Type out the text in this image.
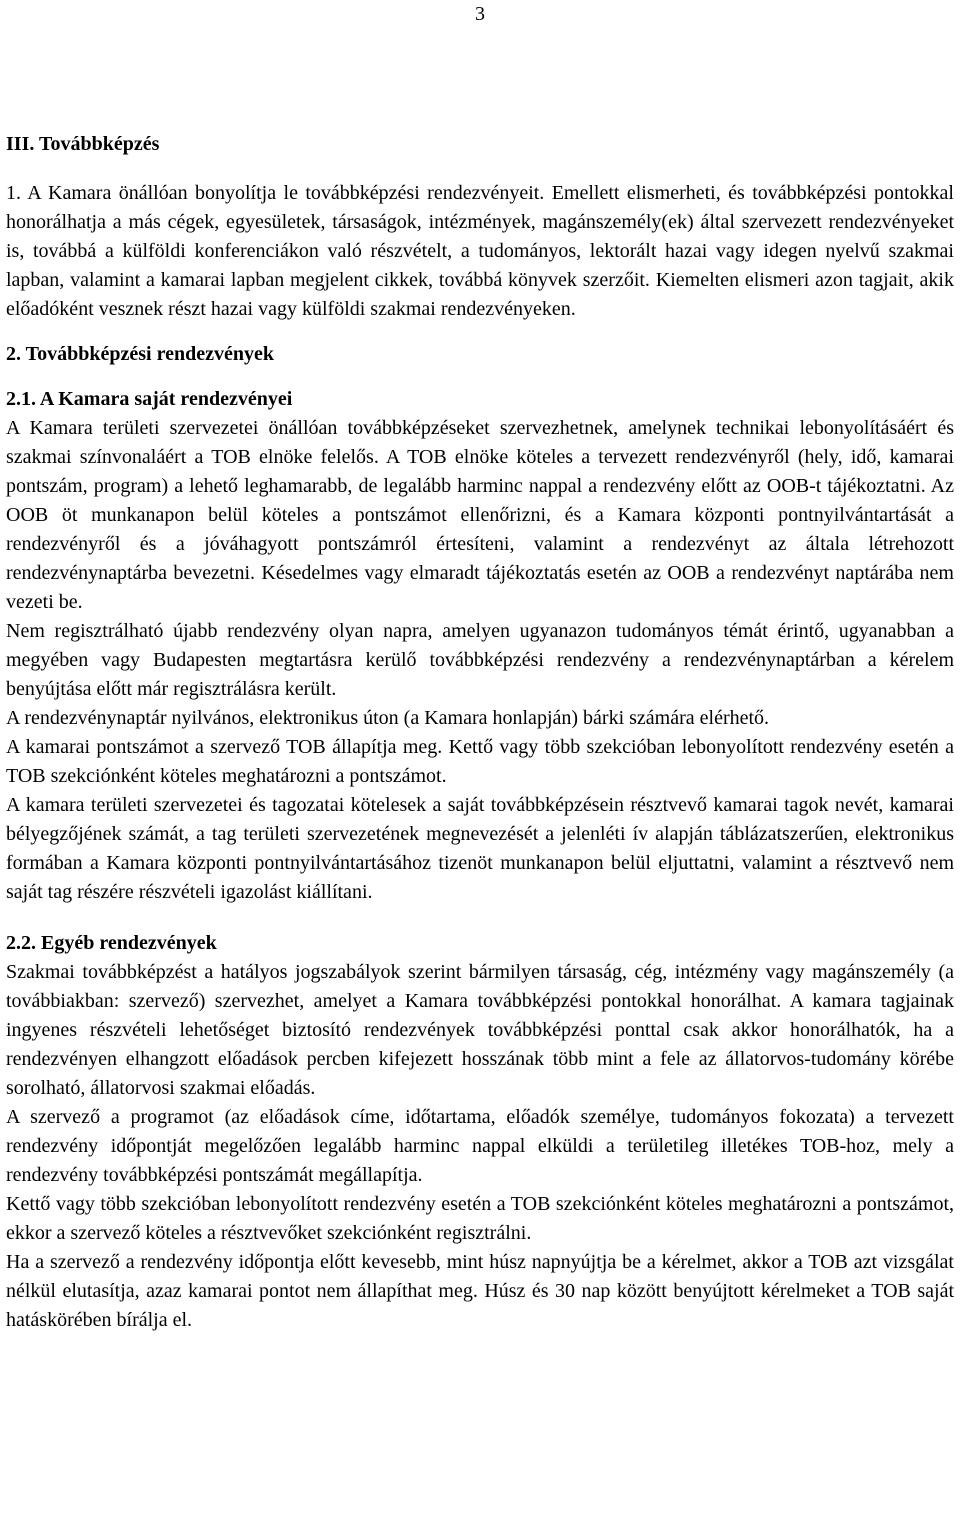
3

III. Továbbképzés

1. A Kamara önállóan bonyolítja le továbbképzési rendezvényeit. Emellett elismerheti, és továbbképzési pontokkal honorálhatja a más cégek, egyesületek, társaságok, intézmények, magánszemély(ek) által szervezett rendezvényeket is, továbbá a külföldi konferenciákon való részvételt, a tudományos, lektorált hazai vagy idegen nyelvű szakmai lapban, valamint a kamarai lapban megjelent cikkek, továbbá könyvek szerzőit. Kiemelten elismeri azon tagjait, akik előadóként vesznek részt hazai vagy külföldi szakmai rendezvényeken.

2. Továbbképzési rendezvények

2.1. A Kamara saját rendezvényei

A Kamara területi szervezetei önállóan továbbképzéseket szervezhetnek, amelynek technikai lebonyolításáért és szakmai színvonaláért a TOB elnöke felelős. A TOB elnöke köteles a tervezett rendezvényről (hely, idő, kamarai pontszám, program) a lehető leghamarabb, de legalább harminc nappal a rendezvény előtt az OOB-t tájékoztatni. Az OOB öt munkanapon belül köteles a pontszámot ellenőrizni, és a Kamara központi pontnyilvántartását a rendezvényről és a jóváhagyott pontszámról értesíteni, valamint a rendezvényt az általa létrehozott rendezvénynaptárba bevezetni. Késedelmes vagy elmaradt tájékoztatás esetén az OOB a rendezvényt naptárába nem vezeti be.

Nem regisztrálható újabb rendezvény olyan napra, amelyen ugyanazon tudományos témát érintő, ugyanabban a megyében vagy Budapesten megtartásra kerülő továbbképzési rendezvény a rendezvénynaptárban a kérelem benyújtása előtt már regisztrálásra került.

A rendezvénynaptár nyilvános, elektronikus úton (a Kamara honlapján) bárki számára elérhető.

A kamarai pontszámot a szervező TOB állapítja meg. Kettő vagy több szekcióban lebonyolított rendezvény esetén a TOB szekciónként köteles meghatározni a pontszámot.

A kamara területi szervezetei és tagozatai kötelesek a saját továbbképzésein résztvevő kamarai tagok nevét, kamarai bélyegzőjének számát, a tag területi szervezetének megnevezését a jelenléti ív alapján táblázatszerűen, elektronikus formában a Kamara központi pontnyilvántartásához tizenöt munkanapon belül eljuttatni, valamint a résztvevő nem saját tag részére részvételi igazolást kiállítani.

2.2. Egyéb rendezvények

Szakmai továbbképzést a hatályos jogszabályok szerint bármilyen társaság, cég, intézmény vagy magánszemély (a továbbiakban: szervező) szervezhet, amelyet a Kamara továbbképzési pontokkal honorálhat. A kamara tagjainak ingyenes részvételi lehetőséget biztosító rendezvények továbbképzési ponttal csak akkor honorálhatók, ha a rendezvényen elhangzott előadások percben kifejezett hosszának több mint a fele az állatorvos-tudomány körébe sorolható, állatorvosi szakmai előadás.

A szervező a programot (az előadások címe, időtartama, előadók személye, tudományos fokozata) a tervezett rendezvény időpontját megelőzően legalább harminc nappal elküldi a területileg illetékes TOB-hoz, mely a rendezvény továbbképzési pontszámát megállapítja.

Kettő vagy több szekcióban lebonyolított rendezvény esetén a TOB szekciónként köteles meghatározni a pontszámot, ekkor a szervező köteles a résztvevőket szekciónként regisztrálni.

Ha a szervező a rendezvény időpontja előtt kevesebb, mint húsz napnyújtja be a kérelmet, akkor a TOB azt vizsgálat nélkül elutasítja, azaz kamarai pontot nem állapíthat meg. Húsz és 30 nap között benyújtott kérelmeket a TOB saját hatáskörében bírálja el.
